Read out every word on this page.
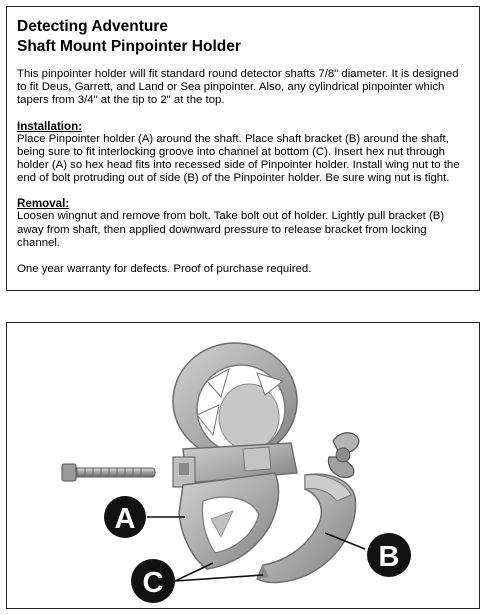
Detecting Adventure

Shaft Mount Pinpointer Holder

This pinpointer holder will fit standard round detector shafts 7/8" diameter. It is designed to fit Deus, Garrett, and Land or Sea pinpointer. Also, any cylindrical pinpointer which tapers from 3/4" at the tip to 2" at the top.

Installation:

Place Pinpointer holder (A) around the shaft. Place shaft bracket (B) around the shaft, being sure to fit interlocking groove into channel at bottom (C). Insert hex nut through holder (A) so hex head fits into recessed side of Pinpointer holder. Install wing nut to the end of bolt protruding out of side (B) of the Pinpointer holder. Be sure wing nut is tight.

Removal:

Loosen wingnut and remove from bolt. Take bolt out of holder. Lightly pull bracket (B) away from shaft, then applied downward pressure to release bracket from locking channel.

One year warranty for defects. Proof of purchase required.

A
B
C
